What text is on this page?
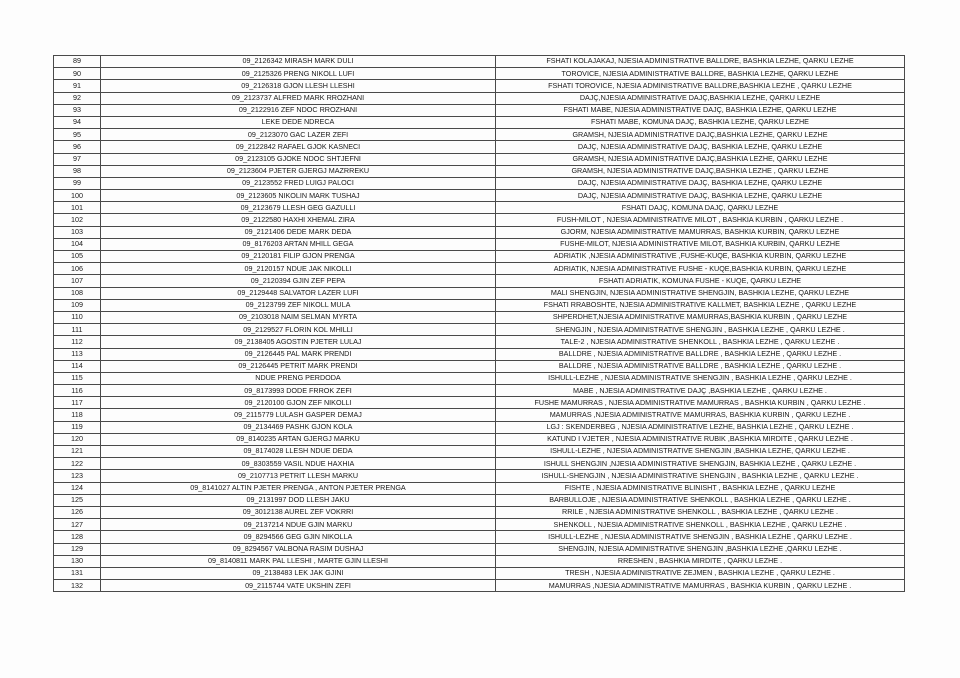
89	09_2126342 MIRASH MARK DULI	FSHATI KOLAJAKAJ, NJESIA ADMINISTRATIVE BALLDRE, BASHKIA LEZHE, QARKU LEZHE
90	09_2125326 PRENG NIKOLL LUFI	TOROVICE, NJESIA ADMINISTRATIVE BALLDRE, BASHKIA LEZHE, QARKU LEZHE
91	09_2126318 GJON LLESH LLESHI	FSHATI TOROVICE, NJESIA ADMINISTRATIVE BALLDRE,BASHKIA LEZHE , QARKU LEZHE
92	09_2123737 ALFRED MARK RROZHANI	DAJÇ,NJESIA ADMINISTRATIVE DAJÇ,BASHKIA LEZHE, QARKU LEZHE
93	09_2122916 ZEF NDOC RROZHANI	FSHATI MABE, NJESIA ADMINISTRATIVE DAJÇ, BASHKIA LEZHE, QARKU LEZHE
94	LEKE DEDE NDRECA	FSHATI MABE, KOMUNA DAJÇ, BASHKIA LEZHE, QARKU LEZHE
95	09_2123070 GAC LAZER ZEFI	GRAMSH, NJESIA ADMINISTRATIVE DAJÇ,BASHKIA LEZHE, QARKU LEZHE
96	09_2122842 RAFAEL GJOK KASNECI	DAJÇ, NJESIA ADMINISTRATIVE DAJÇ, BASHKIA LEZHE, QARKU LEZHE
97	09_2123105 GJOKE NDOC SHTJEFNI	GRAMSH, NJESIA ADMINISTRATIVE DAJÇ,BASHKIA LEZHE, QARKU LEZHE
98	09_2123604 PJETER GJERGJ MAZRREKU	GRAMSH, NJESIA ADMINISTRATIVE DAJÇ,BASHKIA LEZHE , QARKU LEZHE
99	09_2123552 FRED LUIGJ PALOCI	DAJÇ, NJESIA ADMINISTRATIVE DAJÇ, BASHKIA LEZHE, QARKU LEZHE
100	09_2123605 NIKOLIN MARK TUSHAJ	DAJÇ, NJESIA ADMINISTRATIVE DAJÇ, BASHKIA LEZHE, QARKU LEZHE
101	09_2123679 LLESH GEG GAZULLI	FSHATI DAJÇ, KOMUNA DAJÇ, QARKU LEZHE
102	09_2122580 HAXHI XHEMAL ZIRA	FUSH-MILOT , NJESIA ADMINISTRATIVE MILOT , BASHKIA KURBIN , QARKU LEZHE .
103	09_2121406 DEDE MARK DEDA	GJORM, NJESIA ADMINISTRATIVE MAMURRAS, BASHKIA KURBIN, QARKU LEZHE
104	09_8176203 ARTAN MHILL GEGA	FUSHE-MILOT, NJESIA ADMINISTRATIVE MILOT, BASHKIA KURBIN, QARKU LEZHE
105	09_2120181 FILIP GJON PRENGA	ADRIATIK ,NJESIA ADMINISTRATIVE ,FUSHE-KUQE, BASHKIA KURBIN, QARKU LEZHE
106	09_2120157 NDUE JAK NIKOLLI	ADRIATIK, NJESIA ADMINISTRATIVE FUSHE - KUQE,BASHKIA KURBIN, QARKU LEZHE
107	09_2120394 GJIN ZEF PEPA	FSHATI ADRIATIK, KOMUNA FUSHE - KUQE, QARKU LEZHE
108	09_2129448 SALVATOR LAZER LUFI	MALI SHENGJIN, NJESIA ADMINISTRATIVE SHENGJIN, BASHKIA LEZHE, QARKU LEZHE
109	09_2123799 ZEF NIKOLL MULA	FSHATI RRABOSHTE, NJESIA ADMINISTRATIVE KALLMET, BASHKIA LEZHE , QARKU LEZHE
110	09_2103018 NAIM SELMAN MYRTA	SHPERDHET,NJESIA ADMINISTRATIVE MAMURRAS,BASHKIA KURBIN , QARKU LEZHE
111	09_2129527 FLORIN KOL MHILLI	SHENGJIN , NJESIA ADMINISTRATIVE SHENGJIN , BASHKIA LEZHE , QARKU LEZHE .
112	09_2138405 AGOSTIN PJETER LULAJ	TALE-2 , NJESIA ADMINISTRATIVE SHENKOLL , BASHKIA LEZHE , QARKU LEZHE .
113	09_2126445 PAL MARK PRENDI	BALLDRE , NJESIA ADMINISTRATIVE BALLDRE , BASHKIA LEZHE , QARKU LEZHE .
114	09_2126445 PETRIT MARK PRENDI	BALLDRE , NJESIA ADMINISTRATIVE BALLDRE , BASHKIA LEZHE , QARKU LEZHE .
115	NDUE PRENG PERDODA	ISHULL-LEZHE , NJESIA ADMINISTRATIVE SHENGJIN , BASHKIA LEZHE , QARKU LEZHE .
116	09_8173993 DODE FRROK ZEFI	MABE , NJESIA ADMINISTRATIVE DAJÇ ,BASHKIA LEZHE , QARKU LEZHE .
117	09_2120100 GJON ZEF NIKOLLI	FUSHE MAMURRAS , NJESIA ADMINISTRATIVE MAMURRAS , BASHKIA KURBIN , QARKU LEZHE .
118	09_2115779 LULASH GASPER DEMAJ	MAMURRAS ,NJESIA ADMINISTRATIVE MAMURRAS, BASHKIA KURBIN , QARKU LEZHE .
119	09_2134469 PASHK GJON KOLA	LGJ : SKENDERBEG , NJESIA ADMINISTRATIVE LEZHE, BASHKIA LEZHE , QARKU LEZHE .
120	09_8140235 ARTAN GJERGJ MARKU	KATUND I VJETER , NJESIA ADMINISTRATIVE RUBIK ,BASHKIA MIRDITE , QARKU LEZHE .
121	09_8174028 LLESH NDUE DEDA	ISHULL-LEZHE , NJESIA ADMINISTRATIVE SHENGJIN ,BASHKIA LEZHE, QARKU LEZHE .
122	09_8303559 VASIL NDUE HAXHIA	ISHULL SHENGJIN ,NJESIA ADMINISTRATIVE SHENGJIN, BASHKIA LEZHE , QARKU LEZHE .
123	09_2107713 PETRIT LLESH MARKU	ISHULL-SHENGJIN , NJESIA ADMINISTRATIVE SHENGJIN , BASHKIA LEZHE , QARKU LEZHE .
124	09_8141027 ALTIN PJETER PRENGA , ANTON PJETER PRENGA	FISHTE , NJESIA ADMINISTRATIVE BLINISHT , BASHKIA LEZHE , QARKU LEZHE
125	09_2131997 DOD LLESH JAKU	BARBULLOJE , NJESIA ADMINISTRATIVE SHENKOLL , BASHKIA LEZHE , QARKU LEZHE .
126	09_3012138 AUREL ZEF VOKRRI	RRILE , NJESIA ADMINISTRATIVE SHENKOLL , BASHKIA LEZHE , QARKU LEZHE .
127	09_2137214 NDUE GJIN MARKU	SHENKOLL , NJESIA ADMINISTRATIVE SHENKOLL , BASHKIA LEZHE , QARKU LEZHE .
128	09_8294566 GEG GJIN NIKOLLA	ISHULL-LEZHE , NJESIA ADMINISTRATIVE SHENGJIN , BASHKIA LEZHE , QARKU LEZHE .
129	09_8294567 VALBONA RASIM DUSHAJ	SHENGJIN, NJESIA ADMINISTRATIVE SHENGJIN ,BASHKIA LEZHE ,QARKU LEZHE .
130	09_8140811 MARK PAL LLESHI , MARTE GJIN LLESHI	RRESHEN , BASHKIA MIRDITE , QARKU LEZHE .
131	09_2138483 LEK JAK GJINI	TRESH , NJESIA ADMINISTRATIVE ZEJMEN , BASHKIA LEZHE , QARKU LEZHE .
132	09_2115744 VATE UKSHIN ZEFI	MAMURRAS ,NJESIA ADMINISTRATIVE MAMURRAS , BASHKIA KURBIN , QARKU LEZHE .
